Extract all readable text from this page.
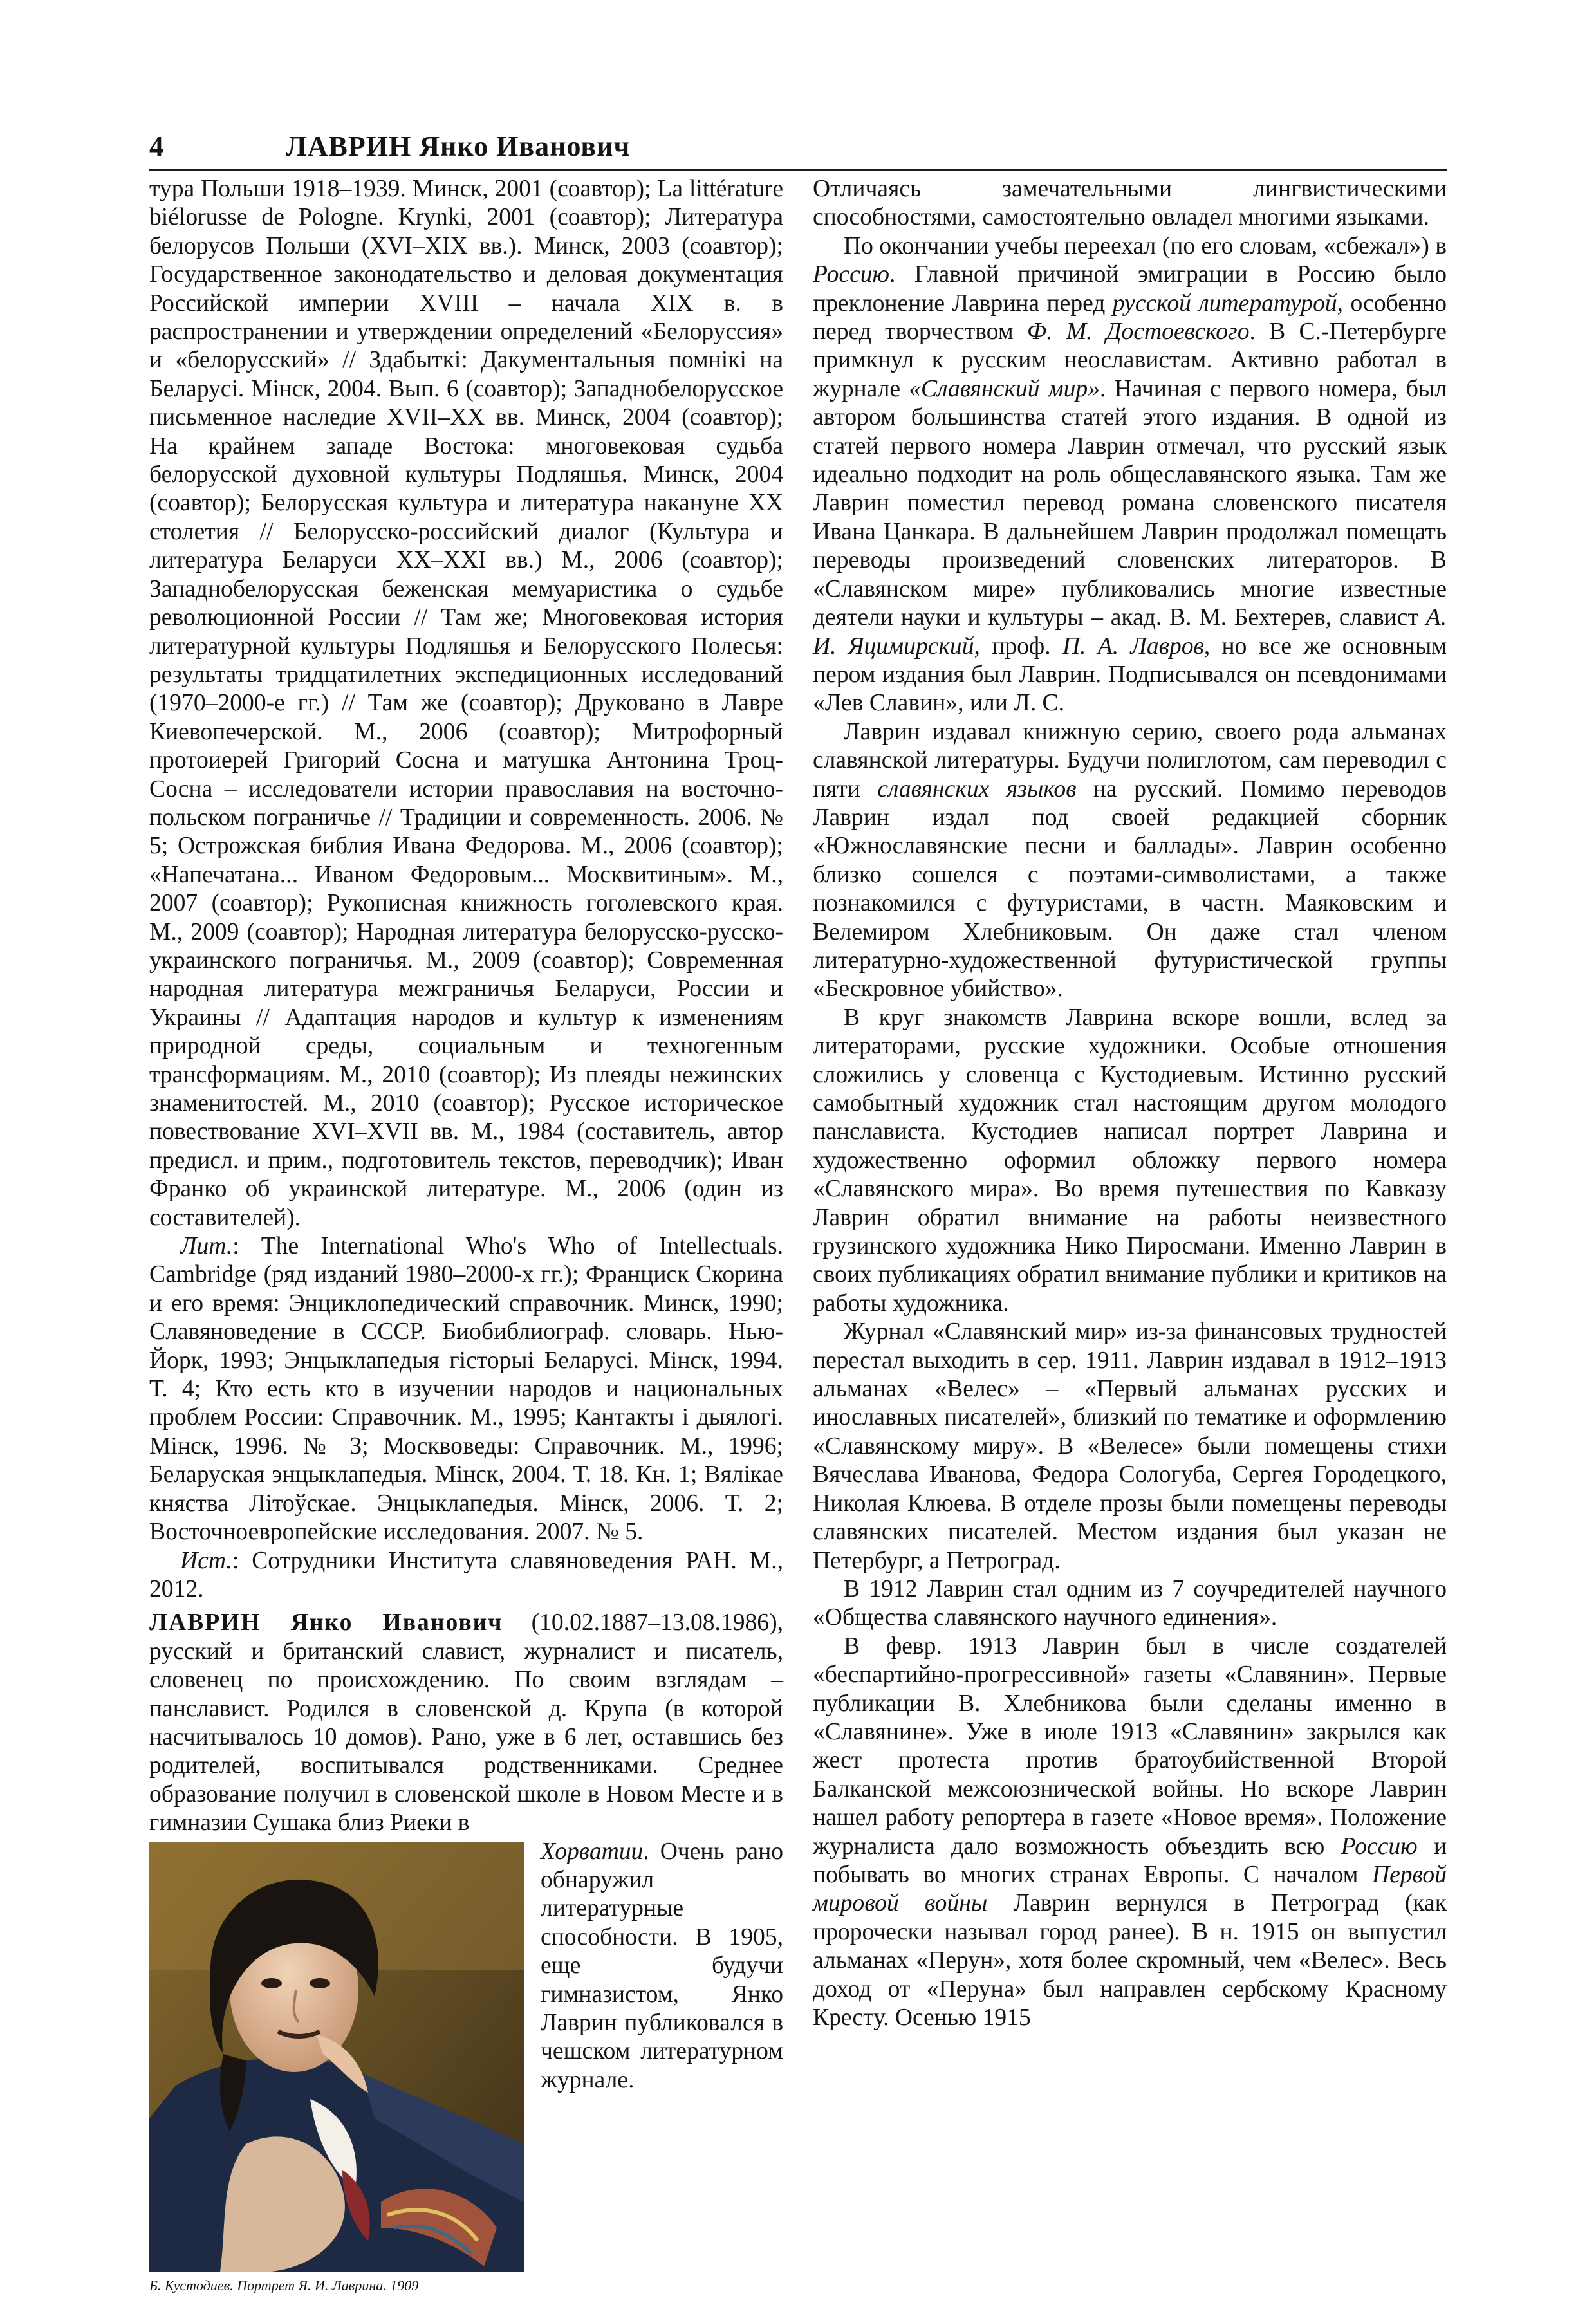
4	ЛАВРИН Янко Иванович

тура Польши 1918–1939. Минск, 2001 (соавтор); La littérature biélorusse de Pologne. Krynki, 2001 (соавтор); Литература белорусов Польши (XVI–XIX вв.). Минск, 2003 (соавтор); Государственное законодательство и деловая документация Российской империи XVIII – начала XIX в. в распространении и утверждении определений «Белоруссия» и «белорусский» // Здабыткі: Дакументальныя помнікі на Беларусі. Мінск, 2004. Вып. 6 (соавтор); Западнобелорусское письменное наследие XVII–XX вв. Минск, 2004 (соавтор); На крайнем западе Востока: многовековая судьба белорусской духовной культуры Подляшья. Минск, 2004 (соавтор); Белорусская культура и литература накануне XX столетия // Белорусско-российский диалог (Культура и литература Беларуси XX–XXI вв.) М., 2006 (соавтор); Западнобелорусская беженская мемуаристика о судьбе революционной России // Там же; Многовековая история литературной культуры Подляшья и Белорусского Полесья: результаты тридцатилетних экспедиционных исследований (1970–2000-е гг.) // Там же (соавтор); Друковано в Лавре Киевопечерской. М., 2006 (соавтор); Митрофорный протоиерей Григорий Сосна и матушка Антонина Троц-Сосна – исследователи истории православия на восточно-польском пограничье // Традиции и современность. 2006. № 5; Острожская библия Ивана Федорова. М., 2006 (соавтор); «Напечатана... Иваном Федоровым... Москвитиным». М., 2007 (соавтор); Рукописная книжность гоголевского края. М., 2009 (соавтор); Народная литература белорусско-русско-украинского пограничья. М., 2009 (соавтор); Современная народная литература межграничья Беларуси, России и Украины // Адаптация народов и культур к изменениям природной среды, социальным и техногенным трансформациям. М., 2010 (соавтор); Из плеяды нежинских знаменитостей. М., 2010 (соавтор); Русское историческое повествование XVI–XVII вв. М., 1984 (составитель, автор предисл. и прим., подготовитель текстов, переводчик); Иван Франко об украинской литературе. М., 2006 (один из составителей).

Лит.: The International Who's Who of Intellectuals. Cambridge (ряд изданий 1980–2000-х гг.); Франциск Скорина и его время: Энциклопедический справочник. Минск, 1990; Славяноведение в СССР. Биобиблиограф. словарь. Нью-Йорк, 1993; Энцыклапедыя гісторыі Беларусі. Мінск, 1994. Т. 4; Кто есть кто в изучении народов и национальных проблем России: Справочник. М., 1995; Кантакты і дыялогі. Мінск, 1996. № 3; Москвоведы: Справочник. М., 1996; Беларуская энцыклапедыя. Мінск, 2004. Т. 18. Кн. 1; Вялікае княства Літоўскае. Энцыклапедыя. Мінск, 2006. Т. 2; Восточноевропейские исследования. 2007. № 5.

Ист.: Сотрудники Института славяноведения РАН. М., 2012.

ЛАВРИН Янко Иванович (10.02.1887–13.08.1986), русский и британский славист, журналист и писатель, словенец по происхождению. По своим взглядам – панславист. Родился в словенской д. Крупа (в которой насчитывалось 10 домов). Рано, уже в 6 лет, оставшись без родителей, воспитывался родственниками. Среднее образование получил в словенской школе в Новом Месте и в гимназии Сушака близ Риеки в

Б. Кустодиев. Портрет Я. И. Лаврина. 1909

Хорватии. Очень рано обнаружил литературные способности. В 1905, еще будучи гимназистом, Янко Лаврин публиковался в чешском литературном журнале.

Отличаясь замечательными лингвистическими способностями, самостоятельно овладел многими языками.

По окончании учебы переехал (по его словам, «сбежал») в Россию. Главной причиной эмиграции в Россию было преклонение Лаврина перед русской литературой, особенно перед творчеством Ф. М. Достоевского. В С.-Петербурге примкнул к русским неославистам. Активно работал в журнале «Славянский мир». Начиная с первого номера, был автором большинства статей этого издания. В одной из статей первого номера Лаврин отмечал, что русский язык идеально подходит на роль общеславянского языка. Там же Лаврин поместил перевод романа словенского писателя Ивана Цанкара. В дальнейшем Лаврин продолжал помещать переводы произведений словенских литераторов. В «Славянском мире» публиковались многие известные деятели науки и культуры – акад. В. М. Бехтерев, славист А. И. Яцимирский, проф. П. А. Лавров, но все же основным пером издания был Лаврин. Подписывался он псевдонимами «Лев Славин», или Л. С.

Лаврин издавал книжную серию, своего рода альманах славянской литературы. Будучи полиглотом, сам переводил с пяти славянских языков на русский. Помимо переводов Лаврин издал под своей редакцией сборник «Южнославянские песни и баллады». Лаврин особенно близко сошелся с поэтами-символистами, а также познакомился с футуристами, в частн. Маяковским и Велемиром Хлебниковым. Он даже стал членом литературно-художественной футуристической группы «Бескровное убийство».

В круг знакомств Лаврина вскоре вошли, вслед за литераторами, русские художники. Особые отношения сложились у словенца с Кустодиевым. Истинно русский самобытный художник стал настоящим другом молодого панслависта. Кустодиев написал портрет Лаврина и художественно оформил обложку первого номера «Славянского мира». Во время путешествия по Кавказу Лаврин обратил внимание на работы неизвестного грузинского художника Нико Пиросмани. Именно Лаврин в своих публикациях обратил внимание публики и критиков на работы художника.

Журнал «Славянский мир» из-за финансовых трудностей перестал выходить в сер. 1911. Лаврин издавал в 1912–1913 альманах «Велес» – «Первый альманах русских и инославных писателей», близкий по тематике и оформлению «Славянскому миру». В «Велесе» были помещены стихи Вячеслава Иванова, Федора Сологуба, Сергея Городецкого, Николая Клюева. В отделе прозы были помещены переводы славянских писателей. Местом издания был указан не Петербург, а Петроград.

В 1912 Лаврин стал одним из 7 соучредителей научного «Общества славянского научного единения».

В февр. 1913 Лаврин был в числе создателей «беспартийно-прогрессивной» газеты «Славянин». Первые публикации В. Хлебникова были сделаны именно в «Славянине». Уже в июле 1913 «Славянин» закрылся как жест протеста против братоубийственной Второй Балканской межсоюзнической войны. Но вскоре Лаврин нашел работу репортера в газете «Новое время». Положение журналиста дало возможность объездить всю Россию и побывать во многих странах Европы. С началом Первой мировой войны Лаврин вернулся в Петроград (как пророчески называл город ранее). В н. 1915 он выпустил альманах «Перун», хотя более скромный, чем «Велес». Весь доход от «Перуна» был направлен сербскому Красному Кресту. Осенью 1915
